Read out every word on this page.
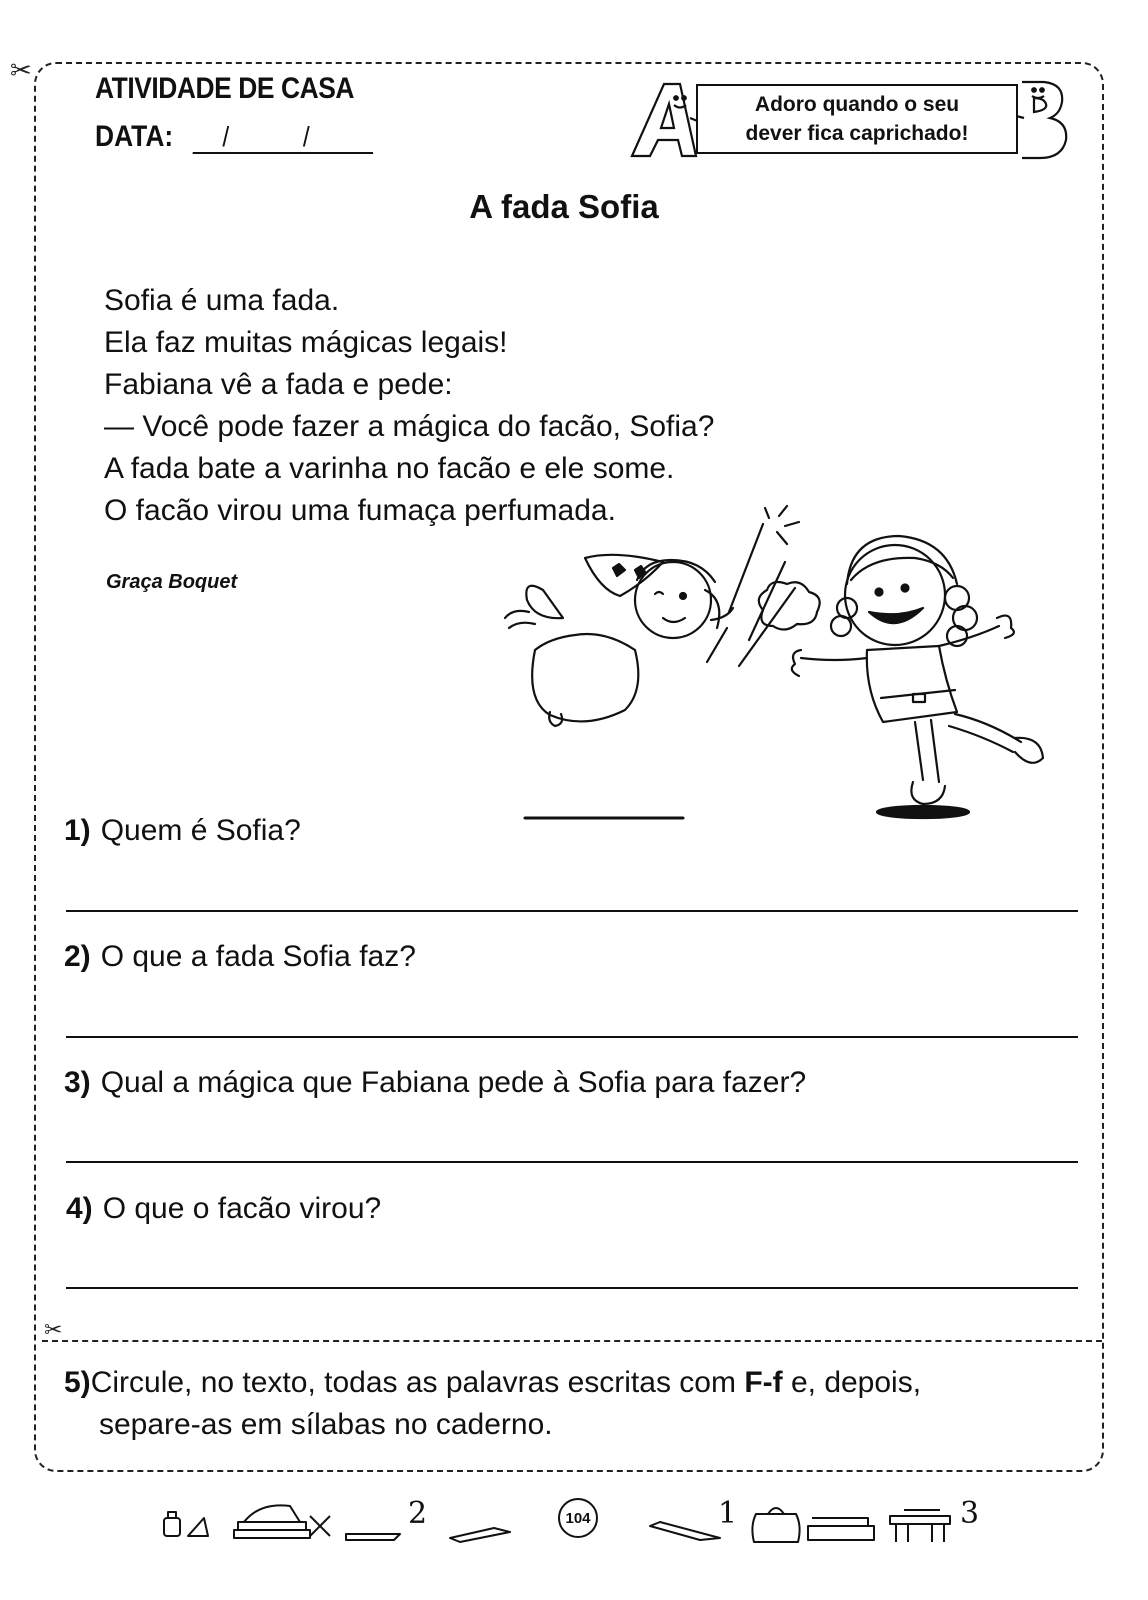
✂
ATIVIDADE DE CASA
DATA:	/ /
Adoro quando o seu
dever fica caprichado!
A fada Sofia
Sofia é uma fada.
Ela faz muitas mágicas legais!
Fabiana vê a fada e pede:
— Você pode fazer a mágica do facão, Sofia?
A fada bate a varinha no facão e ele some.
O facão virou uma fumaça perfumada.
Graça Boquet
1) Quem é Sofia?
2) O que a fada Sofia faz?
3) Qual a mágica que Fabiana pede à Sofia para fazer?
4) O que o facão virou?
✂
5)Circule, no texto, todas as palavras escritas com F-f e, depois,
separe-as em sílabas no caderno.
2	104	1	3
